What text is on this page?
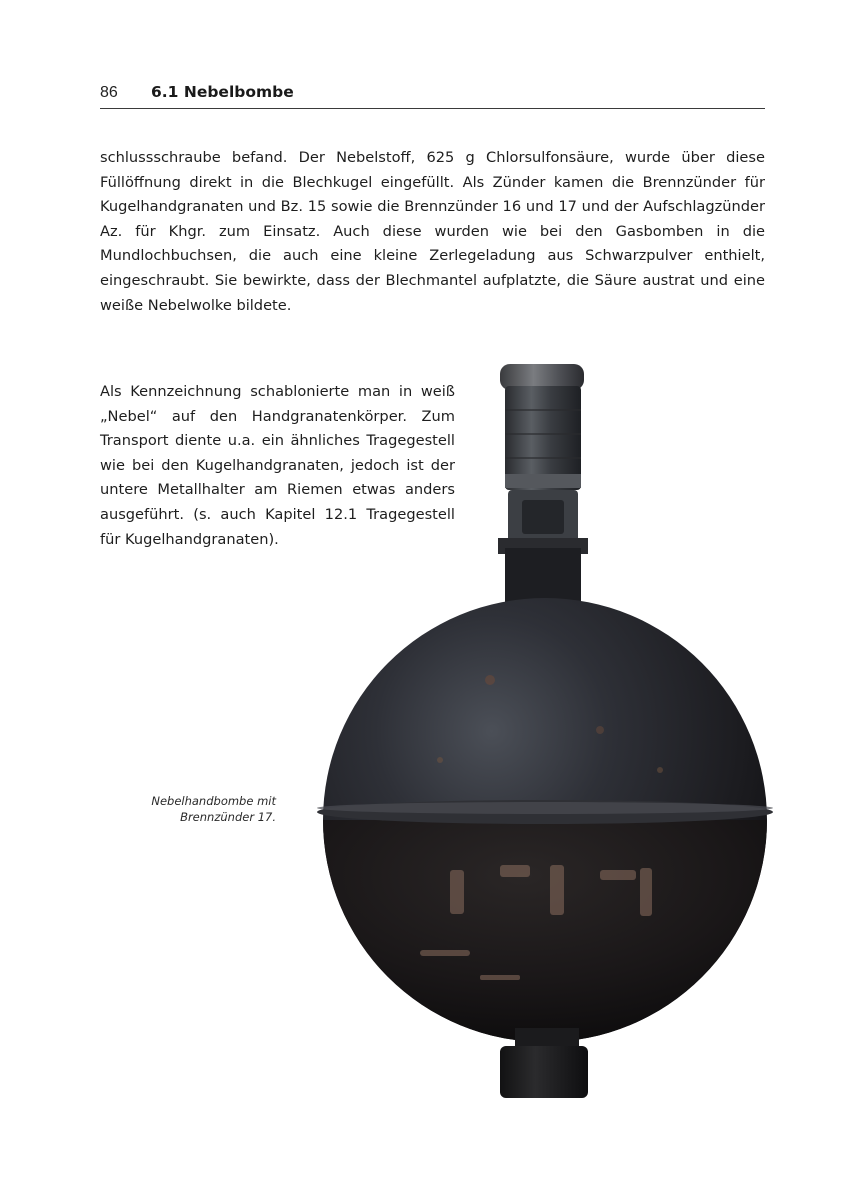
86 6.1 Nebelbombe

schlussschraube befand. Der Nebelstoff, 625 g Chlorsulfonsäure, wurde über diese Füllöffnung direkt in die Blechkugel eingefüllt. Als Zünder kamen die Brennzünder für Kugelhandgranaten und Bz. 15 sowie die Brennzünder 16 und 17 und der Aufschlagzünder Az. für Khgr. zum Einsatz. Auch diese wurden wie bei den Gasbomben in die Mundlochbuchsen, die auch eine kleine Zerlegeladung aus Schwarzpulver enthielt, eingeschraubt. Sie bewirkte, dass der Blechmantel aufplatzte, die Säure austrat und eine weiße Nebelwolke bildete.

Als Kennzeichnung schablonierte man in weiß „Nebel“ auf den Handgranatenkörper. Zum Transport diente u.a. ein ähnliches Tragegestell wie bei den Kugelhandgranaten, jedoch ist der untere Metallhalter am Riemen etwas anders ausgeführt. (s. auch Kapitel 12.1 Tragegestell für Kugelhandgranaten).

Nebelhandbombe mit Brennzünder 17.
